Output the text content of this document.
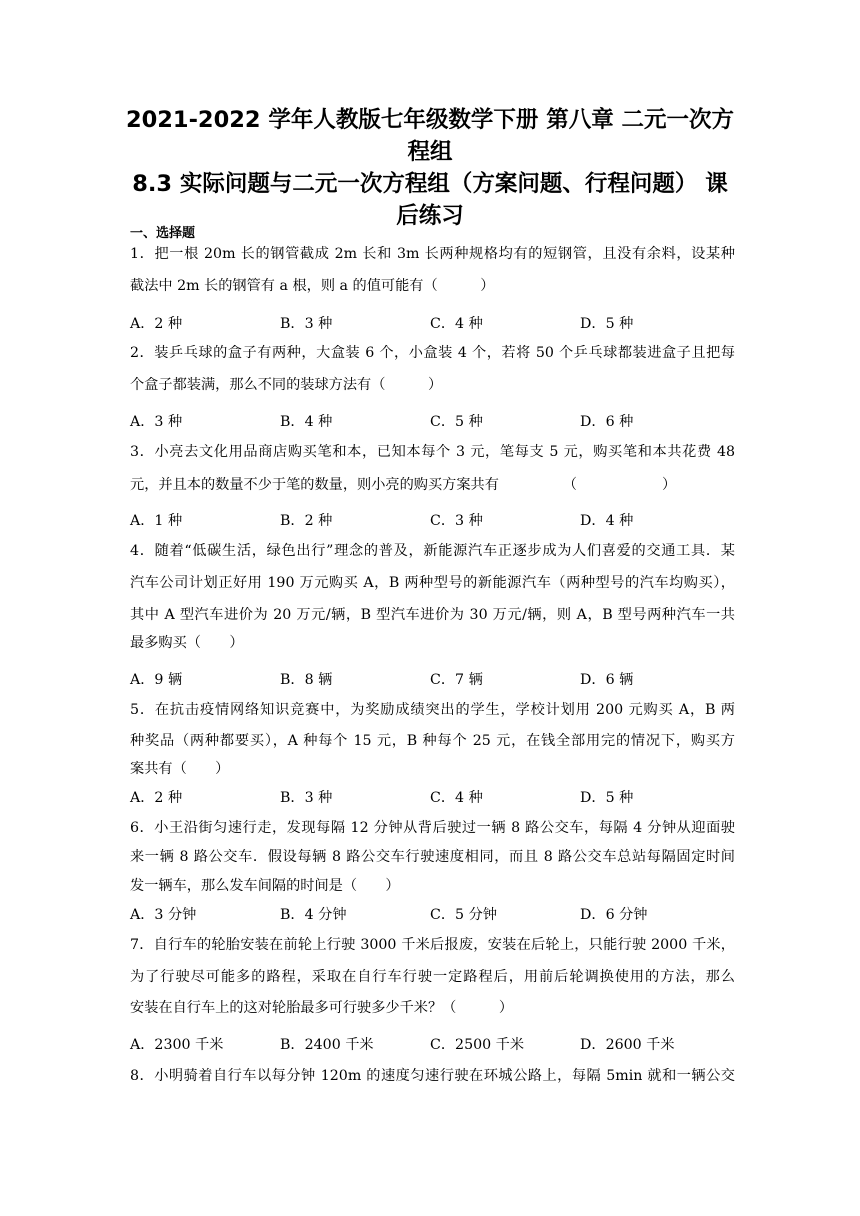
2021-2022 学年人教版七年级数学下册 第八章 二元一次方
程组
8.3 实际问题与二元一次方程组（方案问题、行程问题） 课
后练习
一、选择题
1．把一根 20m 长的钢管截成 2m 长和 3m 长两种规格均有的短钢管，且没有余料，设某种
截法中 2m 长的钢管有 a 根，则 a 的值可能有（　　　）
A．2 种	B．3 种	C．4 种	D．5 种
2．装乒乓球的盒子有两种，大盒装 6 个，小盒装 4 个，若将 50 个乒乓球都装进盒子且把每
个盒子都装满，那么不同的装球方法有（　　　）
A．3 种	B．4 种	C．5 种	D．6 种
3．小亮去文化用品商店购买笔和本，已知本每个 3 元，笔每支 5 元，购买笔和本共花费 48
元，并且本的数量不少于笔的数量，则小亮的购买方案共有　　　　　（　　　　　　）
A．1 种	B．2 种	C．3 种	D．4 种
4．随着“低碳生活，绿色出行”理念的普及，新能源汽车正逐步成为人们喜爱的交通工具．某
汽车公司计划正好用 190 万元购买 A，B 两种型号的新能源汽车（两种型号的汽车均购买），
其中 A 型汽车进价为 20 万元/辆，B 型汽车进价为 30 万元/辆，则 A，B 型号两种汽车一共
最多购买（　　）
A．9 辆	B．8 辆	C．7 辆	D．6 辆
5．在抗击疫情网络知识竞赛中，为奖励成绩突出的学生，学校计划用 200 元购买 A，B 两
种奖品（两种都要买），A 种每个 15 元，B 种每个 25 元，在钱全部用完的情况下，购买方
案共有（　　）
A．2 种	B．3 种	C．4 种	D．5 种
6．小王沿街匀速行走，发现每隔 12 分钟从背后驶过一辆 8 路公交车，每隔 4 分钟从迎面驶
来一辆 8 路公交车．假设每辆 8 路公交车行驶速度相同，而且 8 路公交车总站每隔固定时间
发一辆车，那么发车间隔的时间是（　　）
A．3 分钟	B．4 分钟	C．5 分钟	D．6 分钟
7．自行车的轮胎安装在前轮上行驶 3000 千米后报废，安装在后轮上，只能行驶 2000 千米，
为了行驶尽可能多的路程，采取在自行车行驶一定路程后，用前后轮调换使用的方法，那么
安装在自行车上的这对轮胎最多可行驶多少千米？（　　　）
A．2300 千米	B．2400 千米	C．2500 千米	D．2600 千米
8．小明骑着自行车以每分钟 120m 的速度匀速行驶在环城公路上，每隔 5min 就和一辆公交
